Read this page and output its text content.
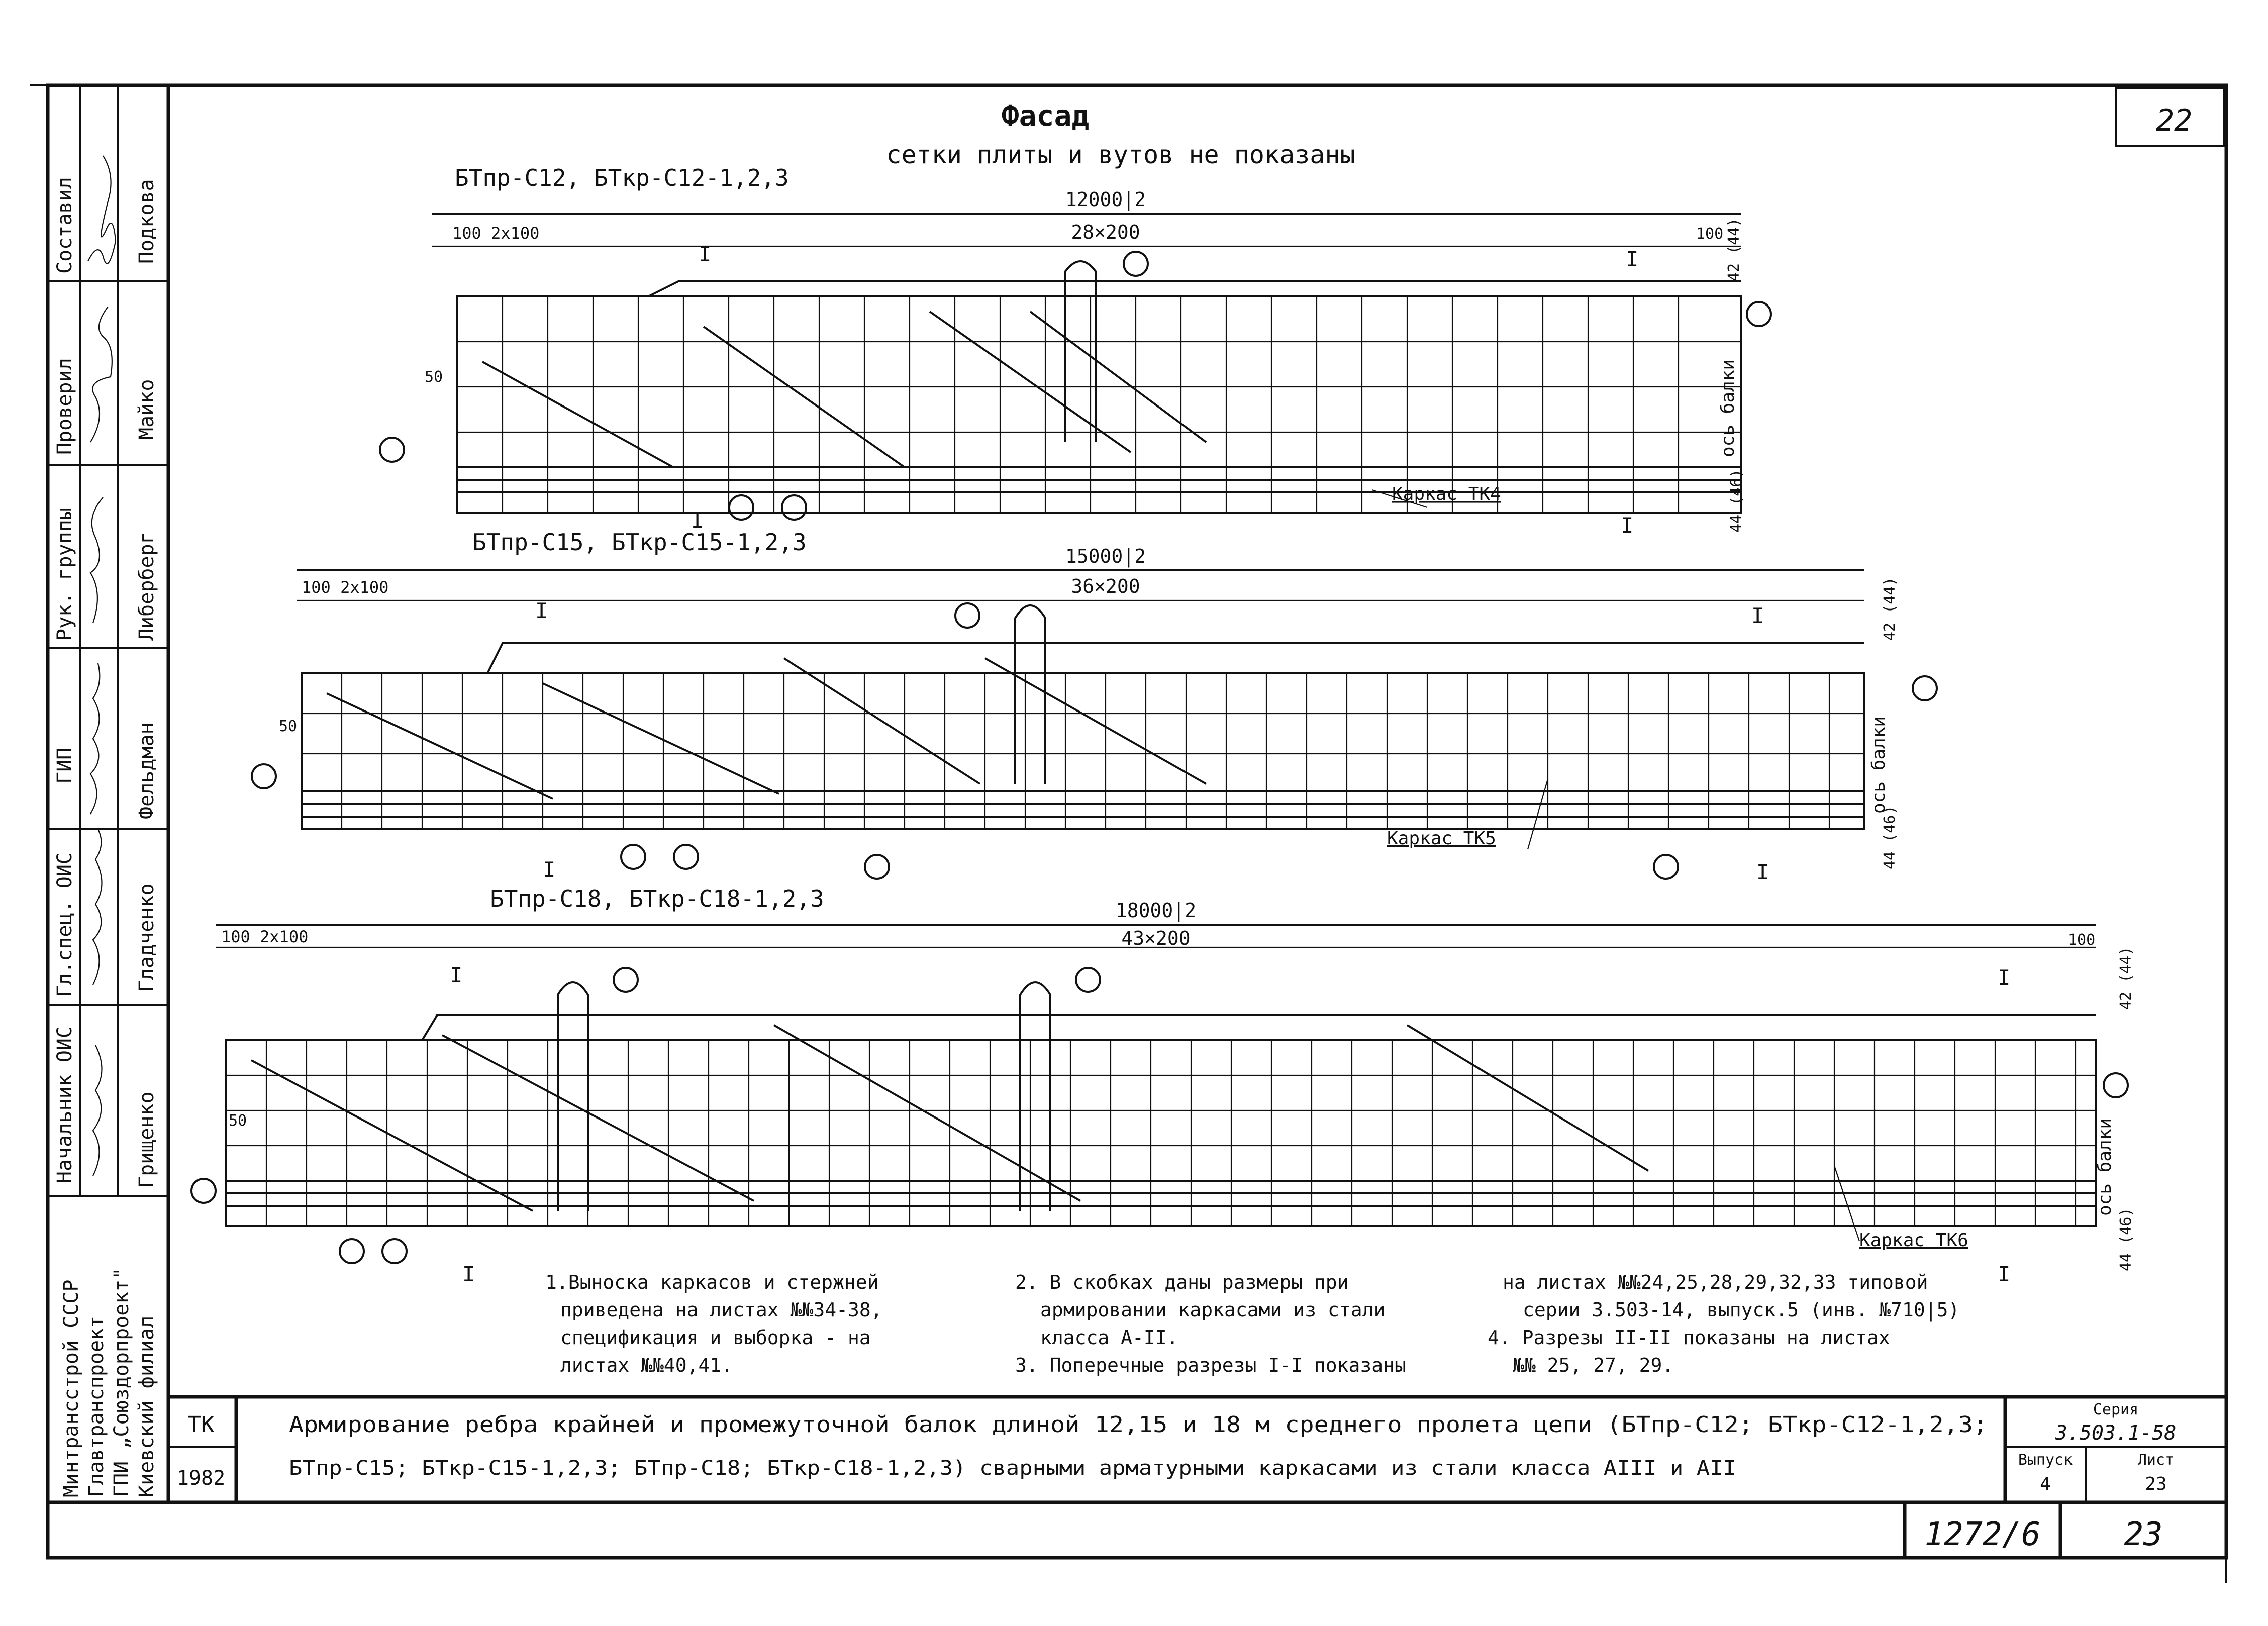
22
Составил	Подкова
Проверил	Майко
Рук. группы	Либерберг
ГИП	Фельдман
Гл.спец. ОИС	Гладченко
Начальник ОИС	Грищенко
Минтрансстрой СССР Главтранспроект ГПИ „Союздорпроект" Киевский филиал
Фасад
сетки плиты и вутов не показаны
БТпр-С12, БТкр-С12-1,2,3
12000|2
100 2x100	28×200	100
I	I
I	I
50	ось балки
Каркас ТК4
42 (44)
44 (46)
БТпр-С15, БТкр-С15-1,2,3
15000|2
100 2x100	36×200
I	I
I	I
50	ось балки
Каркас ТК5
42 (44)
44 (46)
БТпр-С18, БТкр-С18-1,2,3	18000|2
100 2x100	43×200	100
I	I
I	I
50	ось балки
Каркас ТК6
42 (44)
44 (46)
1.Выноска каркасов и стержней
приведена на листах №№34-38,
спецификация и выборка - на
листах №№40,41.
2. В скобках даны размеры при
армировании каркасами из стали
класса А-II.
3. Поперечные разрезы I-I показаны
на листах №№24,25,28,29,32,33 типовой
серии 3.503-14, выпуск.5 (инв. №710|5)
4. Разрезы II-II показаны на листах
№№ 25, 27, 29.
ТК
1982
Армирование ребра крайней и промежуточной балок длиной 12,15 и 18 м среднего пролета цепи (БТпр-С12; БТкр-С12-1,2,3;
БТпр-С15; БТкр-С15-1,2,3; БТпр-С18; БТкр-С18-1,2,3) сварными арматурными каркасами из стали класса АIII и АII
Серия
3.503.1-58
Выпуск
4
Лист
23
1272/6	23
